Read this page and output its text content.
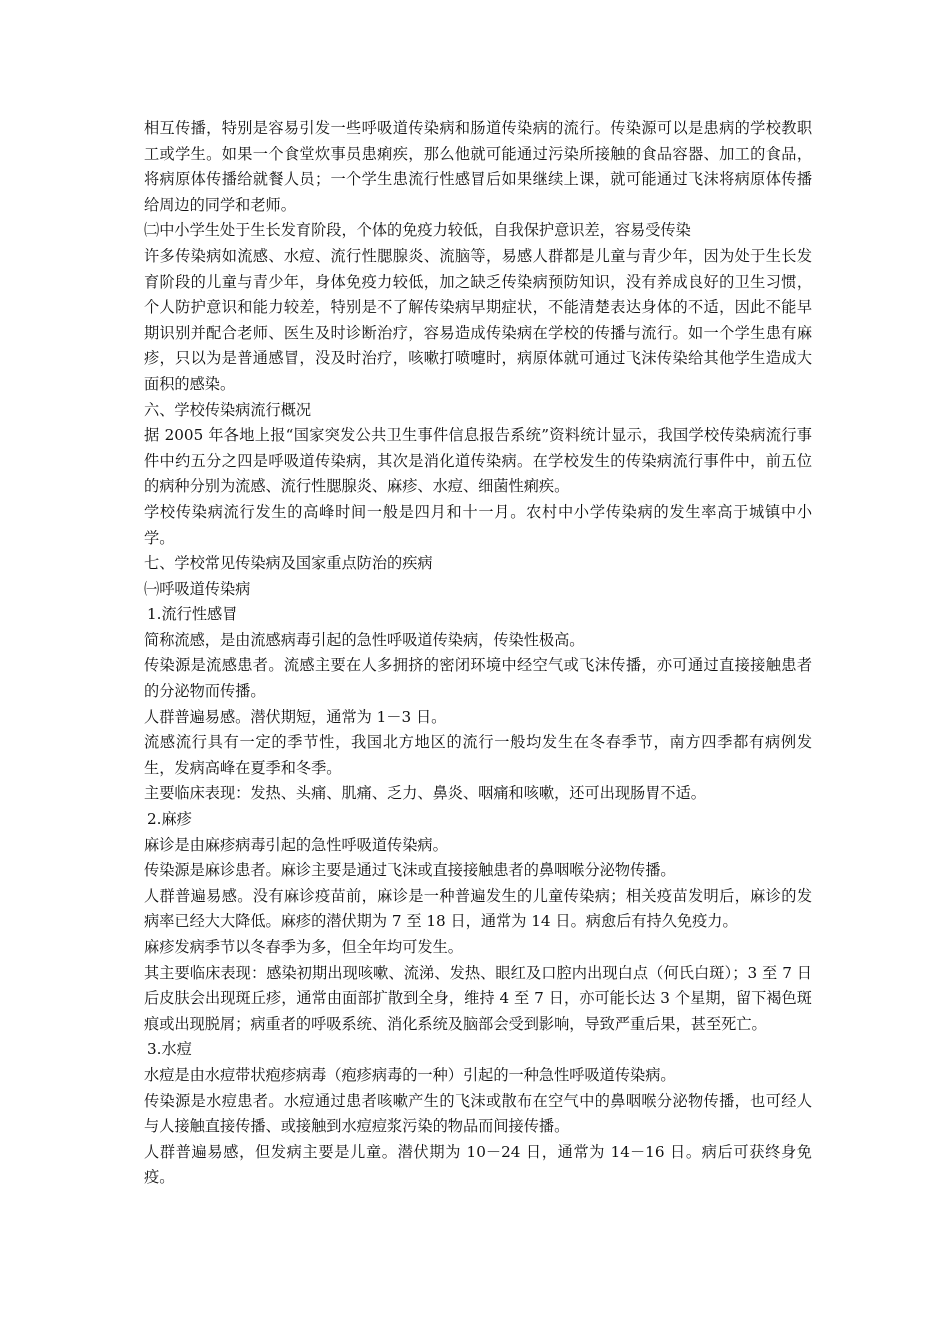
相互传播，特别是容易引发一些呼吸道传染病和肠道传染病的流行。传染源可以是患病的学校教职工或学生。如果一个食堂炊事员患痢疾，那么他就可能通过污染所接触的食品容器、加工的食品，将病原体传播给就餐人员；一个学生患流行性感冒后如果继续上课，就可能通过飞沫将病原体传播给周边的同学和老师。

㈡中小学生处于生长发育阶段，个体的免疫力较低，自我保护意识差，容易受传染

许多传染病如流感、水痘、流行性腮腺炎、流脑等，易感人群都是儿童与青少年，因为处于生长发育阶段的儿童与青少年，身体免疫力较低，加之缺乏传染病预防知识，没有养成良好的卫生习惯，个人防护意识和能力较差，特别是不了解传染病早期症状，不能清楚表达身体的不适，因此不能早期识别并配合老师、医生及时诊断治疗，容易造成传染病在学校的传播与流行。如一个学生患有麻疹，只以为是普通感冒，没及时治疗，咳嗽打喷嚏时，病原体就可通过飞沫传染给其他学生造成大面积的感染。

六、学校传染病流行概况

据 2005 年各地上报“国家突发公共卫生事件信息报告系统”资料统计显示，我国学校传染病流行事件中约五分之四是呼吸道传染病，其次是消化道传染病。在学校发生的传染病流行事件中，前五位的病种分别为流感、流行性腮腺炎、麻疹、水痘、细菌性痢疾。

学校传染病流行发生的高峰时间一般是四月和十一月。农村中小学传染病的发生率高于城镇中小学。

七、学校常见传染病及国家重点防治的疾病

㈠呼吸道传染病

1.流行性感冒

简称流感，是由流感病毒引起的急性呼吸道传染病，传染性极高。

传染源是流感患者。流感主要在人多拥挤的密闭环境中经空气或飞沫传播，亦可通过直接接触患者的分泌物而传播。

人群普遍易感。潜伏期短，通常为 1－3 日。

流感流行具有一定的季节性，我国北方地区的流行一般均发生在冬春季节，南方四季都有病例发生，发病高峰在夏季和冬季。

主要临床表现：发热、头痛、肌痛、乏力、鼻炎、咽痛和咳嗽，还可出现肠胃不适。

2.麻疹

麻诊是由麻疹病毒引起的急性呼吸道传染病。

传染源是麻诊患者。麻诊主要是通过飞沫或直接接触患者的鼻咽喉分泌物传播。

人群普遍易感。没有麻诊疫苗前，麻诊是一种普遍发生的儿童传染病；相关疫苗发明后，麻诊的发病率已经大大降低。麻疹的潜伏期为 7 至 18 日，通常为 14 日。病愈后有持久免疫力。

麻疹发病季节以冬春季为多，但全年均可发生。

其主要临床表现：感染初期出现咳嗽、流涕、发热、眼红及口腔内出现白点（何氏白斑）；3 至 7 日后皮肤会出现斑丘疹，通常由面部扩散到全身，维持 4 至 7 日，亦可能长达 3 个星期，留下褐色斑痕或出现脱屑；病重者的呼吸系统、消化系统及脑部会受到影响，导致严重后果，甚至死亡。

3.水痘

水痘是由水痘带状疱疹病毒（疱疹病毒的一种）引起的一种急性呼吸道传染病。

传染源是水痘患者。水痘通过患者咳嗽产生的飞沫或散布在空气中的鼻咽喉分泌物传播，也可经人与人接触直接传播、或接触到水痘痘浆污染的物品而间接传播。

人群普遍易感，但发病主要是儿童。潜伏期为 10－24 日，通常为 14－16 日。病后可获终身免疫。
